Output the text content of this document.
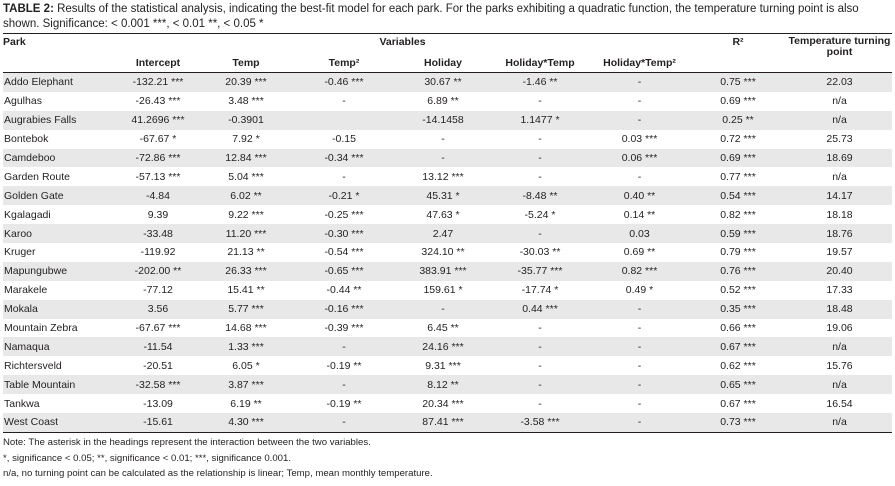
TABLE 2: Results of the statistical analysis, indicating the best-fit model for each park. For the parks exhibiting a quadratic function, the temperature turning point is also shown. Significance: < 0.001 ***, < 0.01 **, < 0.05 *

Park	Variables						R²	Temperature turning point
	Intercept	Temp	Temp²	Holiday	Holiday*Temp	Holiday*Temp²		
Addo Elephant	-132.21 ***	20.39 ***	-0.46 ***	30.67 **	-1.46 **	-	0.75 ***	22.03
Agulhas	-26.43 ***	3.48 ***	-	6.89 **	-	-	0.69 ***	n/a
Augrabies Falls	41.2696 ***	-0.3901		-14.1458	1.1477 *	-	0.25 **	n/a
Bontebok	-67.67 *	7.92 *	-0.15	-	-	0.03 ***	0.72 ***	25.73
Camdeboo	-72.86 ***	12.84 ***	-0.34 ***	-	-	0.06 ***	0.69 ***	18.69
Garden Route	-57.13 ***	5.04 ***	-	13.12 ***	-	-	0.77 ***	n/a
Golden Gate	-4.84	6.02 **	-0.21 *	45.31 *	-8.48 **	0.40 **	0.54 ***	14.17
Kgalagadi	9.39	9.22 ***	-0.25 ***	47.63 *	-5.24 *	0.14 **	0.82 ***	18.18
Karoo	-33.48	11.20 ***	-0.30 ***	2.47	-	0.03	0.59 ***	18.76
Kruger	-119.92	21.13 **	-0.54 ***	324.10 **	-30.03 **	0.69 **	0.79 ***	19.57
Mapungubwe	-202.00 **	26.33 ***	-0.65 ***	383.91 ***	-35.77 ***	0.82 ***	0.76 ***	20.40
Marakele	-77.12	15.41 **	-0.44 **	159.61 *	-17.74 *	0.49 *	0.52 ***	17.33
Mokala	3.56	5.77 ***	-0.16 ***	-	0.44 ***	-	0.35 ***	18.48
Mountain Zebra	-67.67 ***	14.68 ***	-0.39 ***	6.45 **	-	-	0.66 ***	19.06
Namaqua	-11.54	1.33 ***	-	24.16 ***	-	-	0.67 ***	n/a
Richtersveld	-20.51	6.05 *	-0.19 **	9.31 ***	-	-	0.62 ***	15.76
Table Mountain	-32.58 ***	3.87 ***	-	8.12 **	-	-	0.65 ***	n/a
Tankwa	-13.09	6.19 **	-0.19 **	20.34 ***	-	-	0.67 ***	16.54
West Coast	-15.61	4.30 ***	-	87.41 ***	-3.58 ***	-	0.73 ***	n/a
Note: The asterisk in the headings represent the interaction between the two variables.
*, significance < 0.05; **, significance < 0.01; ***, significance 0.001.
n/a, no turning point can be calculated as the relationship is linear; Temp, mean monthly temperature.
